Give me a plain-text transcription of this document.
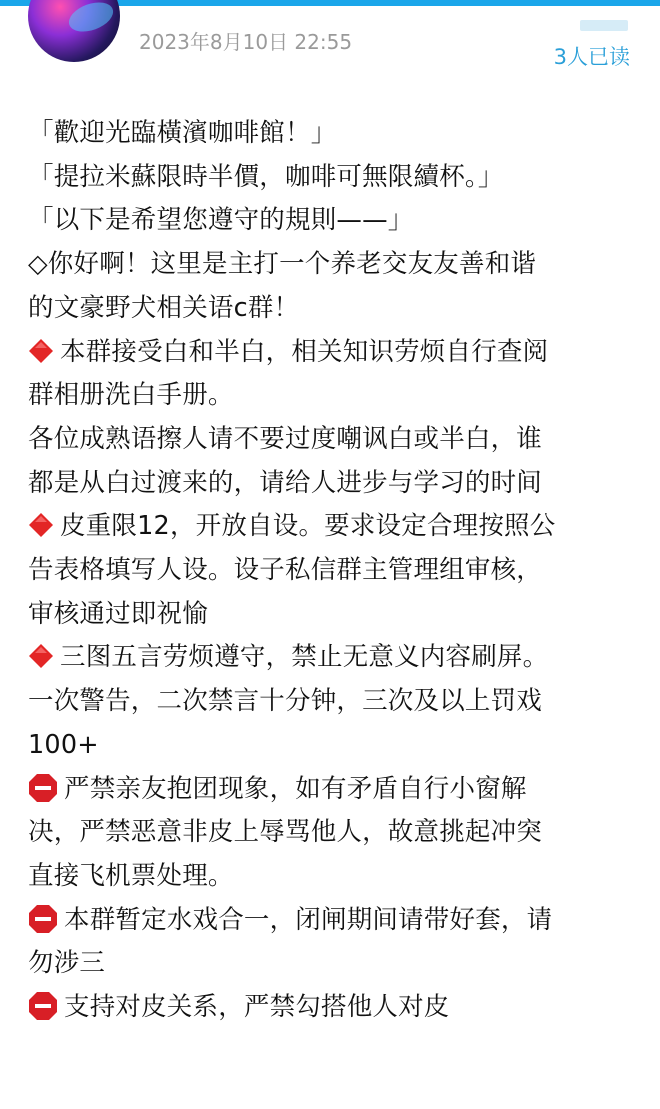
2023年8月10日 22:55
3人已读
「歡迎光臨橫濱咖啡館！」
「提拉米蘇限時半價，咖啡可無限續杯。」
「以下是希望您遵守的規則——」
◇你好啊！这里是主打一个养老交友友善和谐
的文豪野犬相关语c群！
本群接受白和半白，相关知识劳烦自行查阅
群相册洗白手册。
各位成熟语擦人请不要过度嘲讽白或半白，谁
都是从白过渡来的，请给人进步与学习的时间
皮重限12，开放自设。要求设定合理按照公
告表格填写人设。设子私信群主管理组审核，
审核通过即祝愉
三图五言劳烦遵守，禁止无意义内容刷屏。
一次警告，二次禁言十分钟，三次及以上罚戏
100+
严禁亲友抱团现象，如有矛盾自行小窗解
决，严禁恶意非皮上辱骂他人，故意挑起冲突
直接飞机票处理。
本群暂定水戏合一，闭闸期间请带好套，请
勿涉三
支持对皮关系，严禁勾搭他人对皮
